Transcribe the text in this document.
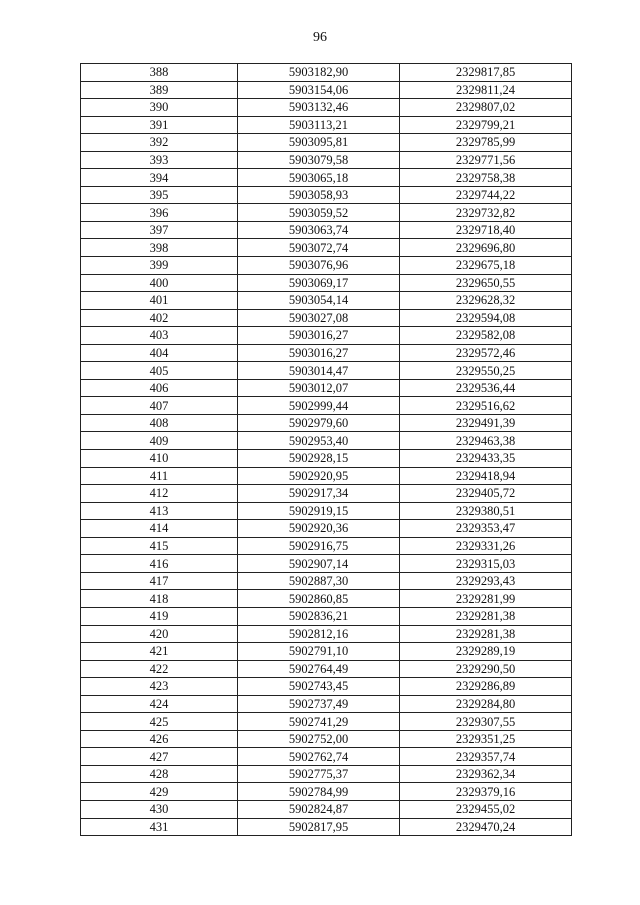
96
388	5903182,90	2329817,85
389	5903154,06	2329811,24
390	5903132,46	2329807,02
391	5903113,21	2329799,21
392	5903095,81	2329785,99
393	5903079,58	2329771,56
394	5903065,18	2329758,38
395	5903058,93	2329744,22
396	5903059,52	2329732,82
397	5903063,74	2329718,40
398	5903072,74	2329696,80
399	5903076,96	2329675,18
400	5903069,17	2329650,55
401	5903054,14	2329628,32
402	5903027,08	2329594,08
403	5903016,27	2329582,08
404	5903016,27	2329572,46
405	5903014,47	2329550,25
406	5903012,07	2329536,44
407	5902999,44	2329516,62
408	5902979,60	2329491,39
409	5902953,40	2329463,38
410	5902928,15	2329433,35
411	5902920,95	2329418,94
412	5902917,34	2329405,72
413	5902919,15	2329380,51
414	5902920,36	2329353,47
415	5902916,75	2329331,26
416	5902907,14	2329315,03
417	5902887,30	2329293,43
418	5902860,85	2329281,99
419	5902836,21	2329281,38
420	5902812,16	2329281,38
421	5902791,10	2329289,19
422	5902764,49	2329290,50
423	5902743,45	2329286,89
424	5902737,49	2329284,80
425	5902741,29	2329307,55
426	5902752,00	2329351,25
427	5902762,74	2329357,74
428	5902775,37	2329362,34
429	5902784,99	2329379,16
430	5902824,87	2329455,02
431	5902817,95	2329470,24
